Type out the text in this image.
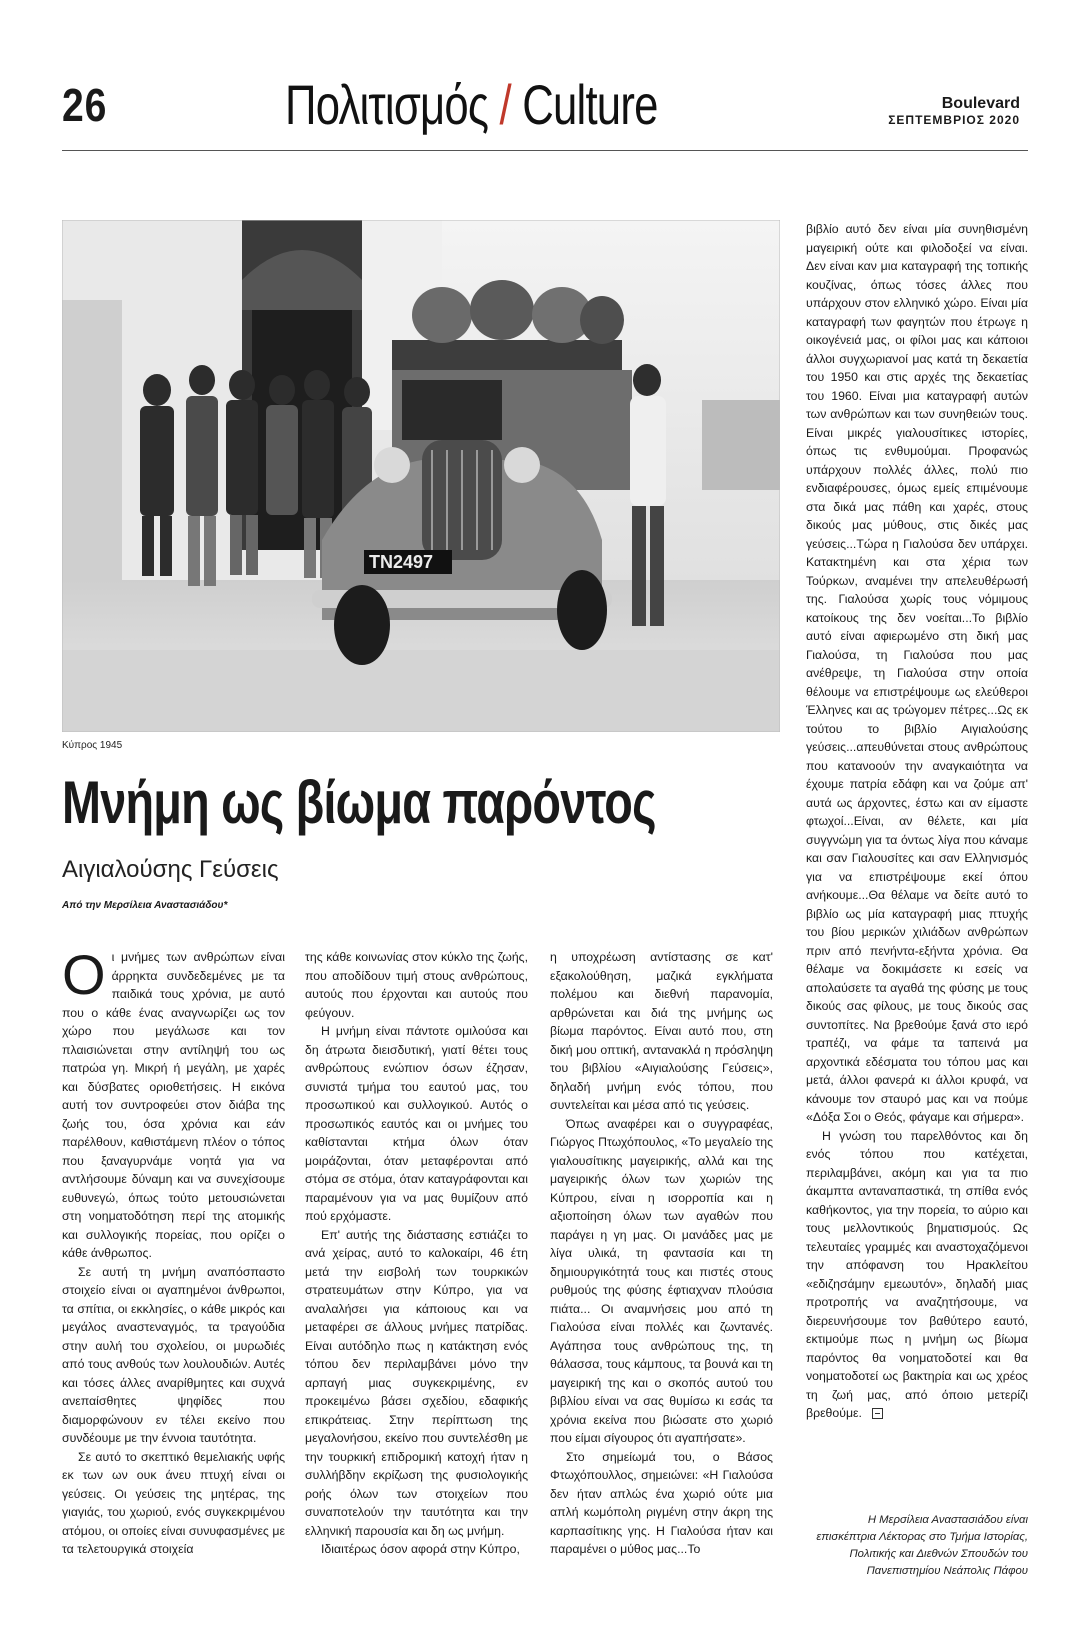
26	Πολιτισμός / Culture	Boulevard
ΣΕΠΤΕΜΒΡΙΟΣ 2020
TN2497
Κύπρος 1945
Μνήμη ως βίωμα παρόντος
Αιγιαλούσης Γεύσεις
Από την Μερσίλεια Αναστασιάδου*

Οι μνήμες των ανθρώπων είναι άρρηκτα συνδεδεμένες με τα παιδικά τους χρόνια, με αυτό που ο κάθε ένας αναγνωρίζει ως τον χώρο που μεγάλωσε και τον πλαισιώνεται στην αντίληψή του ως πατρώα γη. Μικρή ή μεγάλη, με χαρές και δύσβατες οριοθετήσεις. Η εικόνα αυτή τον συντροφεύει στον διάβα της ζωής του, όσα χρόνια και εάν παρέλθουν, καθιστάμενη πλέον ο τόπος που ξαναγυρνάμε νοητά για να αντλήσουμε δύναμη και να συνεχίσουμε ευθυνεγώ, όπως τούτο μετουσιώνεται στη νοηματοδότηση περί της ατομικής και συλλογικής πορείας, που ορίζει ο κάθε άνθρωπος.

Σε αυτή τη μνήμη αναπόσπαστο στοιχείο είναι οι αγαπημένοι άνθρωποι, τα σπίτια, οι εκκλησίες, ο κάθε μικρός και μεγάλος αναστεναγμός, τα τραγούδια στην αυλή του σχολείου, οι μυρωδιές από τους ανθούς των λουλουδιών. Αυτές και τόσες άλλες αναρίθμητες και συχνά ανεπαίσθητες ψηφίδες που διαμορφώνουν εν τέλει εκείνο που συνδέουμε με την έννοια ταυτότητα.

Σε αυτό το σκεπτικό θεμελιακής υφής εκ των ων ουκ άνευ πτυχή είναι οι γεύσεις. Οι γεύσεις της μητέρας, της γιαγιάς, του χωριού, ενός συγκεκριμένου ατόμου, οι οποίες είναι συνυφασμένες με τα τελετουργικά στοιχεία

της κάθε κοινωνίας στον κύκλο της ζωής, που αποδίδουν τιμή στους ανθρώπους, αυτούς που έρχονται και αυτούς που φεύγουν.

Η μνήμη είναι πάντοτε ομιλούσα και δη άτρωτα διεισδυτική, γιατί θέτει τους ανθρώπους ενώπιον όσων έζησαν, συνιστά τμήμα του εαυτού μας, του προσωπικού και συλλογικού. Αυτός ο προσωπικός εαυτός και οι μνήμες του καθίστανται κτήμα όλων όταν μοιράζονται, όταν μεταφέρονται από στόμα σε στόμα, όταν καταγράφονται και παραμένουν για να μας θυμίζουν από πού ερχόμαστε.

Επ' αυτής της διάστασης εστιάζει το ανά χείρας, αυτό το καλοκαίρι, 46 έτη μετά την εισβολή των τουρκικών στρατευμάτων στην Κύπρο, για να αναλαλήσει για κάποιους και να μεταφέρει σε άλλους μνήμες πατρίδας. Είναι αυτόδηλο πως η κατάκτηση ενός τόπου δεν περιλαμβάνει μόνο την αρπαγή μιας συγκεκριμένης, εν προκειμένω βάσει σχεδίου, εδαφικής επικράτειας. Στην περίπτωση της μεγαλονήσου, εκείνο που συντελέσθη με την τουρκική επιδρομική κατοχή ήταν η συλλήβδην εκρίζωση της φυσιολογικής ροής όλων των στοιχείων που συναποτελούν την ταυτότητα και την ελληνική παρουσία και δη ως μνήμη.

Ιδιαιτέρως όσον αφορά στην Κύπρο,

η υποχρέωση αντίστασης σε κατ' εξακολούθηση, μαζικά εγκλήματα πολέμου και διεθνή παρανομία, αρθρώνεται και διά της μνήμης ως βίωμα παρόντος. Είναι αυτό που, στη δική μου οπτική, αντανακλά η πρόσληψη του βιβλίου «Αιγιαλούσης Γεύσεις», δηλαδή μνήμη ενός τόπου, που συντελείται και μέσα από τις γεύσεις.

Όπως αναφέρει και ο συγγραφέας, Γιώργος Πτωχόπουλος, «Το μεγαλείο της γιαλουσίτικης μαγειρικής, αλλά και της μαγειρικής όλων των χωριών της Κύπρου, είναι η ισορροπία και η αξιοποίηση όλων των αγαθών που παράγει η γη μας. Οι μανάδες μας με λίγα υλικά, τη φαντασία και τη δημιουργικότητά τους και πιστές στους ρυθμούς της φύσης έφτιαχναν πλούσια πιάτα... Οι αναμνήσεις μου από τη Γιαλούσα είναι πολλές και ζωντανές. Αγάπησα τους ανθρώπους της, τη θάλασσα, τους κάμπους, τα βουνά και τη μαγειρική της και ο σκοπός αυτού του βιβλίου είναι να σας θυμίσω κι εσάς τα χρόνια εκείνα που βιώσατε στο χωριό που είμαι σίγουρος ότι αγαπήσατε».

Στο σημείωμά του, ο Βάσος Φτωχόπουλλος, σημειώνει: «Η Γιαλούσα δεν ήταν απλώς ένα χωριό ούτε μια απλή κωμόπολη ριγμένη στην άκρη της καρπασίτικης γης. Η Γιαλούσα ήταν και παραμένει ο μύθος μας...Το

βιβλίο αυτό δεν είναι μία συνηθισμένη μαγειρική ούτε και φιλοδοξεί να είναι. Δεν είναι καν μια καταγραφή της τοπικής κουζίνας, όπως τόσες άλλες που υπάρχουν στον ελληνικό χώρο. Είναι μία καταγραφή των φαγητών που έτρωγε η οικογένειά μας, οι φίλοι μας και κάποιοι άλλοι συγχωριανοί μας κατά τη δεκαετία του 1950 και στις αρχές της δεκαετίας του 1960. Είναι μια καταγραφή αυτών των ανθρώπων και των συνηθειών τους. Είναι μικρές γιαλουσίτικες ιστορίες, όπως τις ενθυμούμαι. Προφανώς υπάρχουν πολλές άλλες, πολύ πιο ενδιαφέρουσες, όμως εμείς επιμένουμε στα δικά μας πάθη και χαρές, στους δικούς μας μύθους, στις δικές μας γεύσεις...Τώρα η Γιαλούσα δεν υπάρχει. Κατακτημένη και στα χέρια των Τούρκων, αναμένει την απελευθέρωσή της. Γιαλούσα χωρίς τους νόμιμους κατοίκους της δεν νοείται...Το βιβλίο αυτό είναι αφιερωμένο στη δική μας Γιαλούσα, τη Γιαλούσα που μας ανέθρεψε, τη Γιαλούσα στην οποία θέλουμε να επιστρέψουμε ως ελεύθεροι Έλληνες και ας τρώγομεν πέτρες...Ως εκ τούτου το βιβλίο Αιγιαλούσης γεύσεις...απευθύνεται στους ανθρώπους που κατανοούν την αναγκαιότητα να έχουμε πατρία εδάφη και να ζούμε απ' αυτά ως άρχοντες, έστω και αν είμαστε φτωχοί...Είναι, αν θέλετε, και μία συγγνώμη για τα όντως λίγα που κάναμε και σαν Γιαλουσίτες και σαν Ελληνισμός για να επιστρέψουμε εκεί όπου ανήκουμε...Θα θέλαμε να δείτε αυτό το βιβλίο ως μία καταγραφή μιας πτυχής του βίου μερικών χιλιάδων ανθρώπων πριν από πενήντα-εξήντα χρόνια. Θα θέλαμε να δοκιμάσετε κι εσείς να απολαύσετε τα αγαθά της φύσης με τους δικούς σας φίλους, με τους δικούς σας συντοπίτες. Να βρεθούμε ξανά στο ιερό τραπέζι, να φάμε τα ταπεινά μα αρχοντικά εδέσματα του τόπου μας και μετά, άλλοι φανερά κι άλλοι κρυφά, να κάνουμε τον σταυρό μας και να πούμε «Δόξα Σοι ο Θεός, φάγαμε και σήμερα».

Η γνώση του παρελθόντος και δη ενός τόπου που κατέχεται, περιλαμβάνει, ακόμη και για τα πιο άκαμπτα ανταναπαστικά, τη σπίθα ενός καθήκοντος, για την πορεία, το αύριο και τους μελλοντικούς βηματισμούς. Ως τελευταίες γραμμές και αναστοχαζόμενοι την απόφανση του Ηρακλείτου «εδιζησάμην εμεωυτόν», δηλαδή μιας προτροπής να αναζητήσουμε, να διερευνήσουμε τον βαθύτερο εαυτό, εκτιμούμε πως η μνήμη ως βίωμα παρόντος θα νοηματοδοτεί και θα νοηματοδοτεί ως βακτηρία και ως χρέος τη ζωή μας, από όποιο μετερίζι βρεθούμε.

Η Μερσίλεια Αναστασιάδου είναι επισκέπτρια Λέκτορας στο Τμήμα Ιστορίας, Πολιτικής και Διεθνών Σπουδών του Πανεπιστημίου Νεάπολις Πάφου
